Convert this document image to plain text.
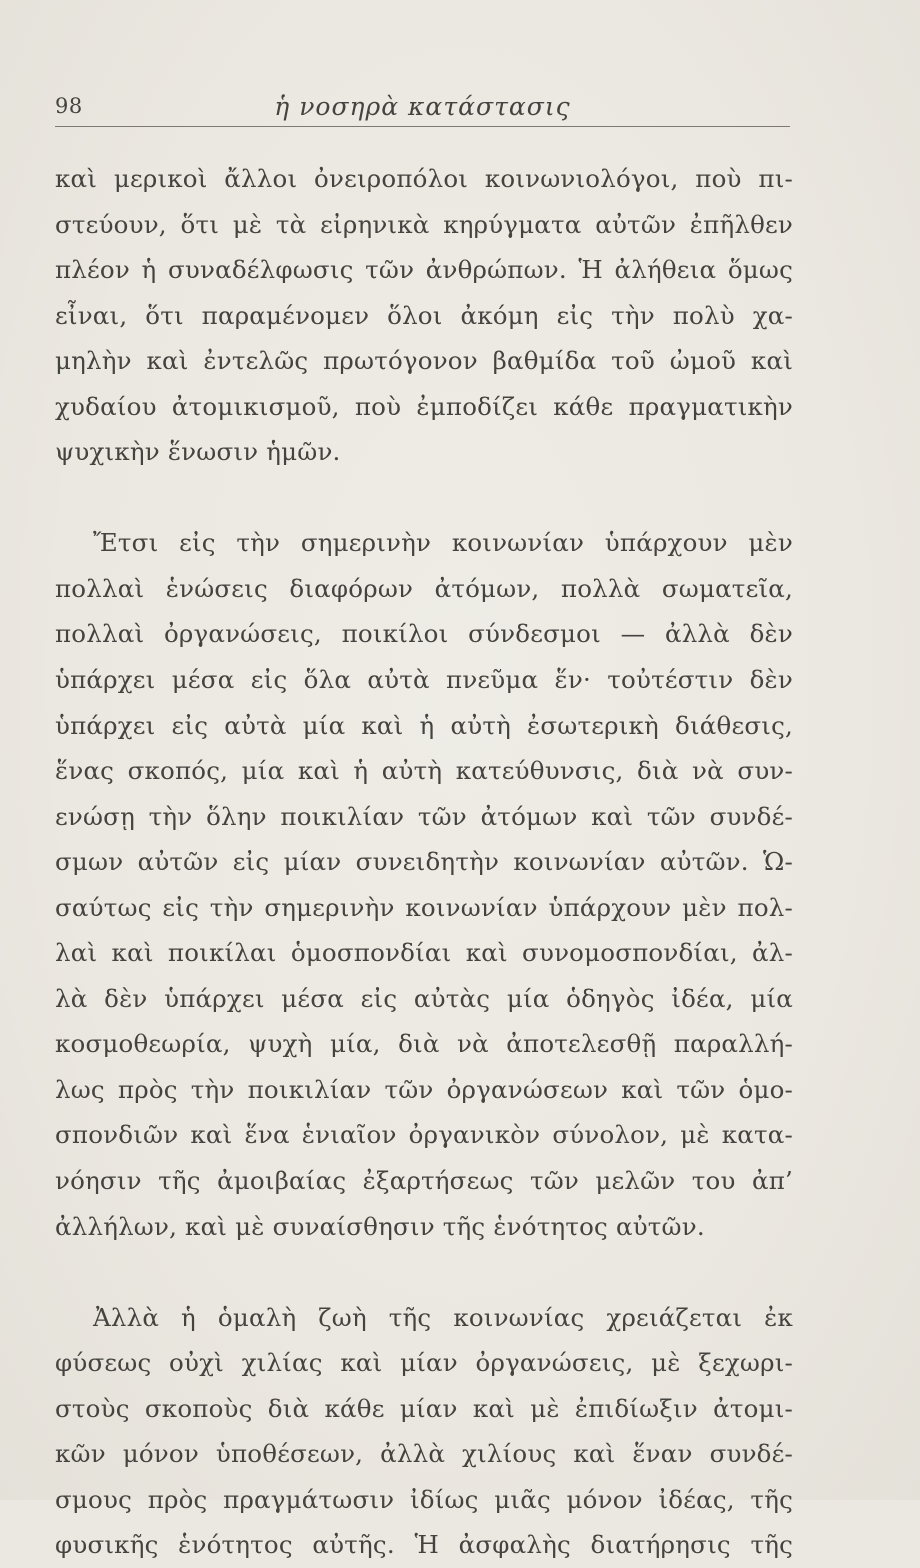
98	ἡ νοσηρὰ κατάστασις
καὶ μερικοὶ ἄλλοι ὀνειροπόλοι κοινωνιολόγοι, ποὺ πι-
στεύουν, ὅτι μὲ τὰ εἰρηνικὰ κηρύγματα αὐτῶν ἐπῆλθεν
πλέον ἡ συναδέλφωσις τῶν ἀνθρώπων. Ἡ ἀλήθεια ὅμως
εἶναι, ὅτι παραμένομεν ὅλοι ἀκόμη εἰς τὴν πολὺ χα-
μηλὴν καὶ ἐντελῶς πρωτόγονον βαθμίδα τοῦ ὠμοῦ καὶ
χυδαίου ἀτομικισμοῦ, ποὺ ἐμποδίζει κάθε πραγματικὴν
ψυχικὴν ἕνωσιν ἡμῶν.
Ἔτσι εἰς τὴν σημερινὴν κοινωνίαν ὑπάρχουν μὲν
πολλαὶ ἑνώσεις διαφόρων ἀτόμων, πολλὰ σωματεῖα,
πολλαὶ ὀργανώσεις, ποικίλοι σύνδεσμοι — ἀλλὰ δὲν
ὑπάρχει μέσα εἰς ὅλα αὐτὰ πνεῦμα ἕν· τοὐτέστιν δὲν
ὑπάρχει εἰς αὐτὰ μία καὶ ἡ αὐτὴ ἐσωτερικὴ διάθεσις,
ἕνας σκοπός, μία καὶ ἡ αὐτὴ κατεύθυνσις, διὰ νὰ συν-
ενώσῃ τὴν ὅλην ποικιλίαν τῶν ἀτόμων καὶ τῶν συνδέ-
σμων αὐτῶν εἰς μίαν συνειδητὴν κοινωνίαν αὐτῶν. Ὡ-
σαύτως εἰς τὴν σημερινὴν κοινωνίαν ὑπάρχουν μὲν πολ-
λαὶ καὶ ποικίλαι ὁμοσπονδίαι καὶ συνομοσπονδίαι, ἀλ-
λὰ δὲν ὑπάρχει μέσα εἰς αὐτὰς μία ὁδηγὸς ἰδέα, μία
κοσμοθεωρία, ψυχὴ μία, διὰ νὰ ἀποτελεσθῇ παραλλή-
λως πρὸς τὴν ποικιλίαν τῶν ὀργανώσεων καὶ τῶν ὁμο-
σπονδιῶν καὶ ἕνα ἑνιαῖον ὀργανικὸν σύνολον, μὲ κατα-
νόησιν τῆς ἀμοιβαίας ἐξαρτήσεως τῶν μελῶν του ἀπ’
ἀλλήλων, καὶ μὲ συναίσθησιν τῆς ἑνότητος αὐτῶν.
Ἀλλὰ ἡ ὁμαλὴ ζωὴ τῆς κοινωνίας χρειάζεται ἐκ
φύσεως οὐχὶ χιλίας καὶ μίαν ὀργανώσεις, μὲ ξεχωρι-
στοὺς σκοποὺς διὰ κάθε μίαν καὶ μὲ ἐπιδίωξιν ἀτομι-
κῶν μόνον ὑποθέσεων, ἀλλὰ χιλίους καὶ ἕναν συνδέ-
σμους πρὸς πραγμάτωσιν ἰδίως μιᾶς μόνον ἰδέας, τῆς
φυσικῆς ἑνότητος αὐτῆς. Ἡ ἀσφαλὴς διατήρησις τῆς
